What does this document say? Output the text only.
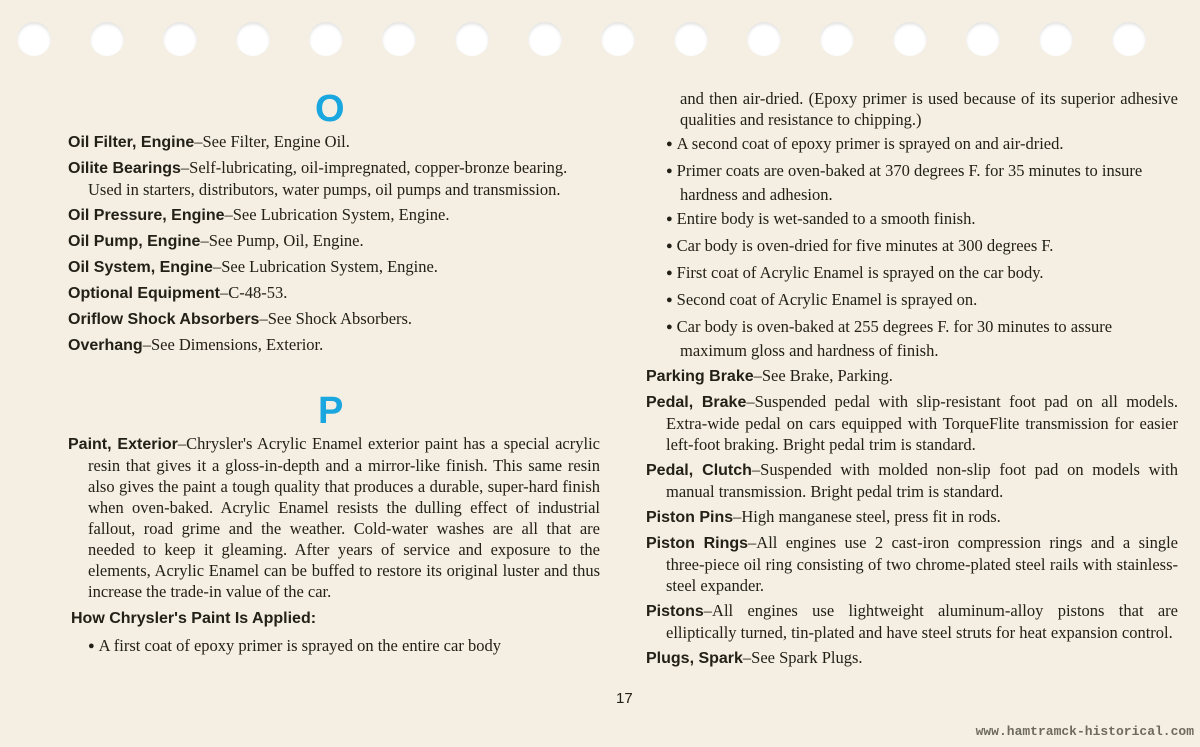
O
P

Oil Filter, Engine–See Filter, Engine Oil.

Oilite Bearings–Self-lubricating, oil-impregnated, copper-bronze bearing. Used in starters, distributors, water pumps, oil pumps and transmission.

Oil Pressure, Engine–See Lubrication System, Engine.

Oil Pump, Engine–See Pump, Oil, Engine.

Oil System, Engine–See Lubrication System, Engine.

Optional Equipment–C-48-53.

Oriflow Shock Absorbers–See Shock Absorbers.

Overhang–See Dimensions, Exterior.

Paint, Exterior–Chrysler's Acrylic Enamel exterior paint has a special acrylic resin that gives it a gloss-in-depth and a mirror-like finish. This same resin also gives the paint a tough quality that produces a durable, super-hard finish when oven-baked. Acrylic Enamel resists the dulling effect of industrial fallout, road grime and the weather. Cold-water washes are all that are needed to keep it gleaming. After years of service and exposure to the elements, Acrylic Enamel can be buffed to restore its original luster and thus increase the trade-in value of the car.

How Chrysler's Paint Is Applied:

● A first coat of epoxy primer is sprayed on the entire car body

and then air-dried. (Epoxy primer is used because of its superior adhesive qualities and resistance to chipping.)

● A second coat of epoxy primer is sprayed on and air-dried.

● Primer coats are oven-baked at 370 degrees F. for 35 minutes to insure hardness and adhesion.

● Entire body is wet-sanded to a smooth finish.

● Car body is oven-dried for five minutes at 300 degrees F.

● First coat of Acrylic Enamel is sprayed on the car body.

● Second coat of Acrylic Enamel is sprayed on.

● Car body is oven-baked at 255 degrees F. for 30 minutes to assure maximum gloss and hardness of finish.

Parking Brake–See Brake, Parking.

Pedal, Brake–Suspended pedal with slip-resistant foot pad on all models. Extra-wide pedal on cars equipped with TorqueFlite transmission for easier left-foot braking. Bright pedal trim is standard.

Pedal, Clutch–Suspended with molded non-slip foot pad on models with manual transmission. Bright pedal trim is standard.

Piston Pins–High manganese steel, press fit in rods.

Piston Rings–All engines use 2 cast-iron compression rings and a single three-piece oil ring consisting of two chrome-plated steel rails with stainless-steel expander.

Pistons–All engines use lightweight aluminum-alloy pistons that are elliptically turned, tin-plated and have steel struts for heat expansion control.

Plugs, Spark–See Spark Plugs.

17
www.hamtramck-historical.com
